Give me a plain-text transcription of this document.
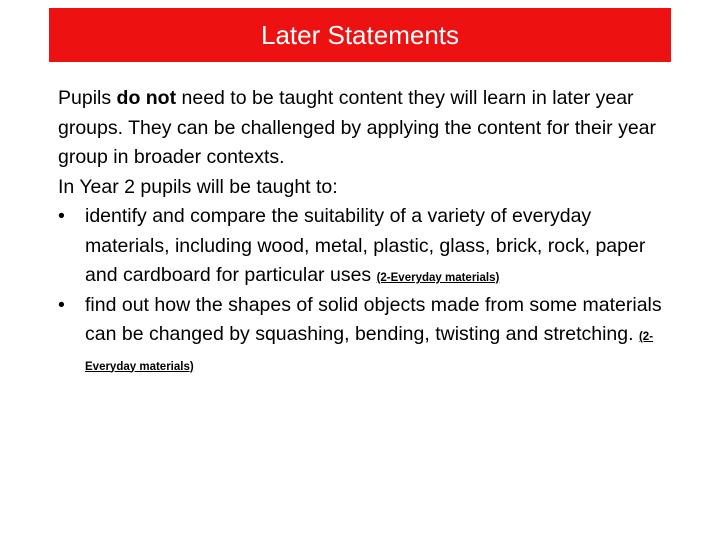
Later Statements

Pupils do not need to be taught content they will learn in later year groups. They can be challenged by applying the content for their year group in broader contexts.

In Year 2 pupils will be taught to:

• identify and compare the suitability of a variety of everyday materials, including wood, metal, plastic, glass, brick, rock, paper and cardboard for particular uses (2-Everyday materials)
• find out how the shapes of solid objects made from some materials can be changed by squashing, bending, twisting and stretching. (2-Everyday materials)
